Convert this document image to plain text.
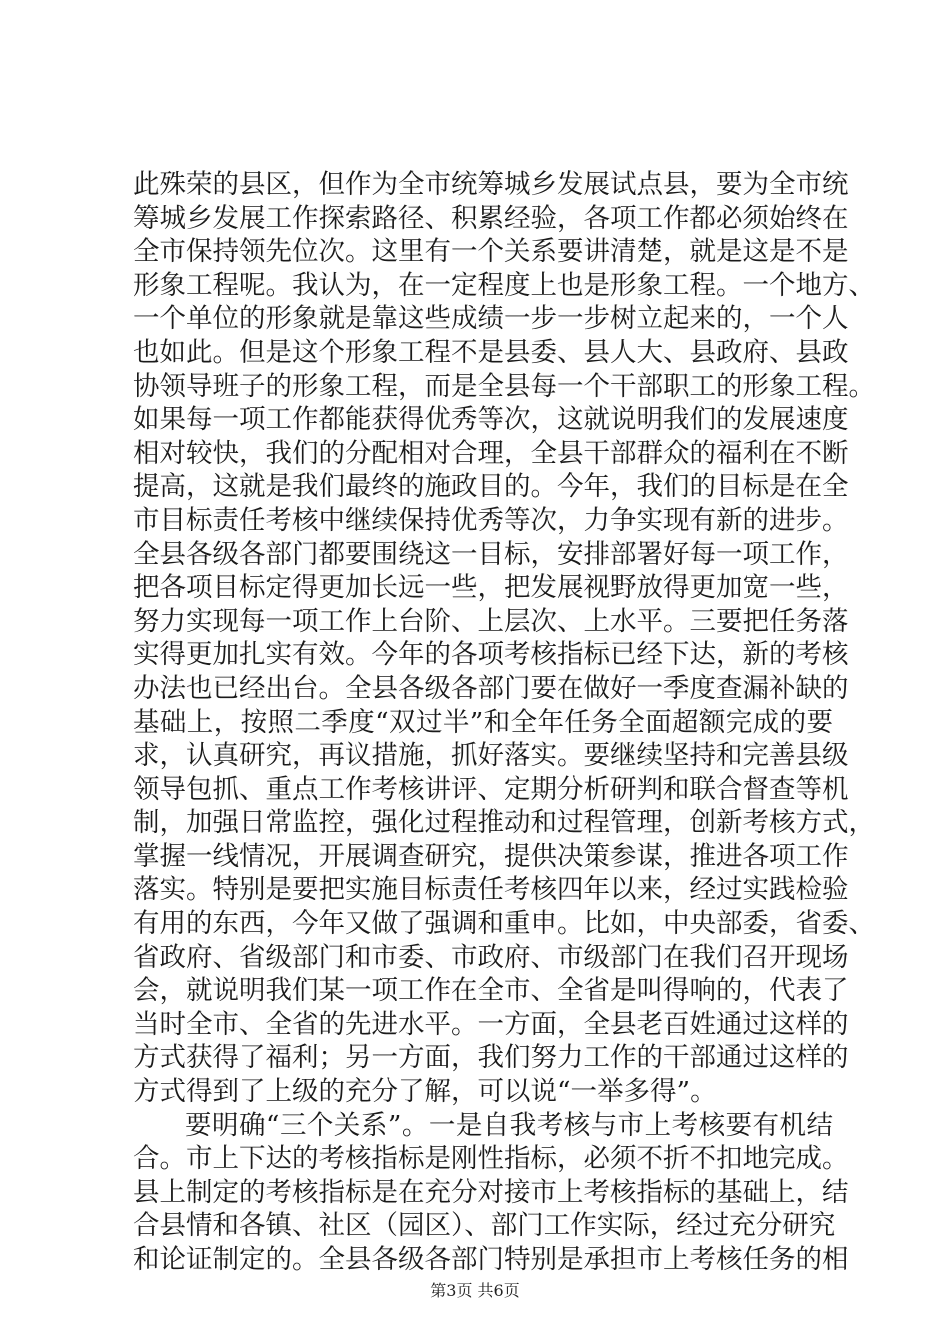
此殊荣的县区，但作为全市统筹城乡发展试点县，要为全市统
筹城乡发展工作探索路径、积累经验，各项工作都必须始终在
全市保持领先位次。这里有一个关系要讲清楚，就是这是不是
形象工程呢。我认为，在一定程度上也是形象工程。一个地方、
一个单位的形象就是靠这些成绩一步一步树立起来的，一个人
也如此。但是这个形象工程不是县委、县人大、县政府、县政
协领导班子的形象工程，而是全县每一个干部职工的形象工程。
如果每一项工作都能获得优秀等次，这就说明我们的发展速度
相对较快，我们的分配相对合理，全县干部群众的福利在不断
提高，这就是我们最终的施政目的。今年，我们的目标是在全
市目标责任考核中继续保持优秀等次，力争实现有新的进步。
全县各级各部门都要围绕这一目标，安排部署好每一项工作，
把各项目标定得更加长远一些，把发展视野放得更加宽一些，
努力实现每一项工作上台阶、上层次、上水平。三要把任务落
实得更加扎实有效。今年的各项考核指标已经下达，新的考核
办法也已经出台。全县各级各部门要在做好一季度查漏补缺的
基础上，按照二季度“双过半”和全年任务全面超额完成的要
求，认真研究，再议措施，抓好落实。要继续坚持和完善县级
领导包抓、重点工作考核讲评、定期分析研判和联合督查等机
制，加强日常监控，强化过程推动和过程管理，创新考核方式，
掌握一线情况，开展调查研究，提供决策参谋，推进各项工作
落实。特别是要把实施目标责任考核四年以来，经过实践检验
有用的东西，今年又做了强调和重申。比如，中央部委，省委、
省政府、省级部门和市委、市政府、市级部门在我们召开现场
会，就说明我们某一项工作在全市、全省是叫得响的，代表了
当时全市、全省的先进水平。一方面，全县老百姓通过这样的
方式获得了福利；另一方面，我们努力工作的干部通过这样的
方式得到了上级的充分了解，可以说“一举多得”。
要明确“三个关系”。一是自我考核与市上考核要有机结
合。市上下达的考核指标是刚性指标，必须不折不扣地完成。
县上制定的考核指标是在充分对接市上考核指标的基础上，结
合县情和各镇、社区（园区）、部门工作实际，经过充分研究
和论证制定的。全县各级各部门特别是承担市上考核任务的相
第3页 共6页
